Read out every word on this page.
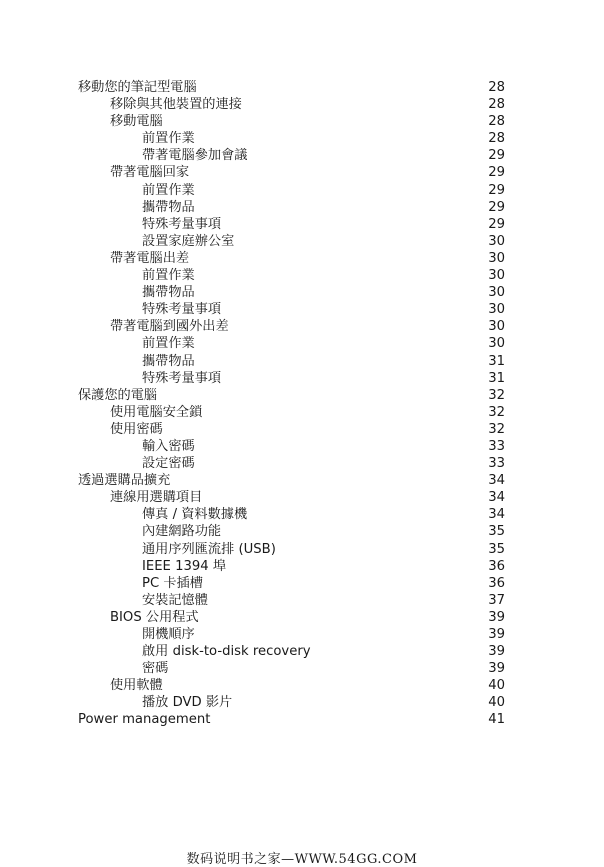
移動您的筆記型電腦	28
移除與其他裝置的連接	28
移動電腦	28
前置作業	28
帶著電腦參加會議	29
帶著電腦回家	29
前置作業	29
攜帶物品	29
特殊考量事項	29
設置家庭辦公室	30
帶著電腦出差	30
前置作業	30
攜帶物品	30
特殊考量事項	30
帶著電腦到國外出差	30
前置作業	30
攜帶物品	31
特殊考量事項	31
保護您的電腦	32
使用電腦安全鎖	32
使用密碼	32
輸入密碼	33
設定密碼	33
透過選購品擴充	34
連線用選購項目	34
傳真 / 資料數據機	34
內建網路功能	35
通用序列匯流排 (USB)	35
IEEE 1394 埠	36
PC 卡插槽	36
安裝記憶體	37
BIOS 公用程式	39
開機順序	39
啟用 disk-to-disk recovery	39
密碼	39
使用軟體	40
播放 DVD 影片	40
Power management	41
数码说明书之家—WWW.54GG.COM
